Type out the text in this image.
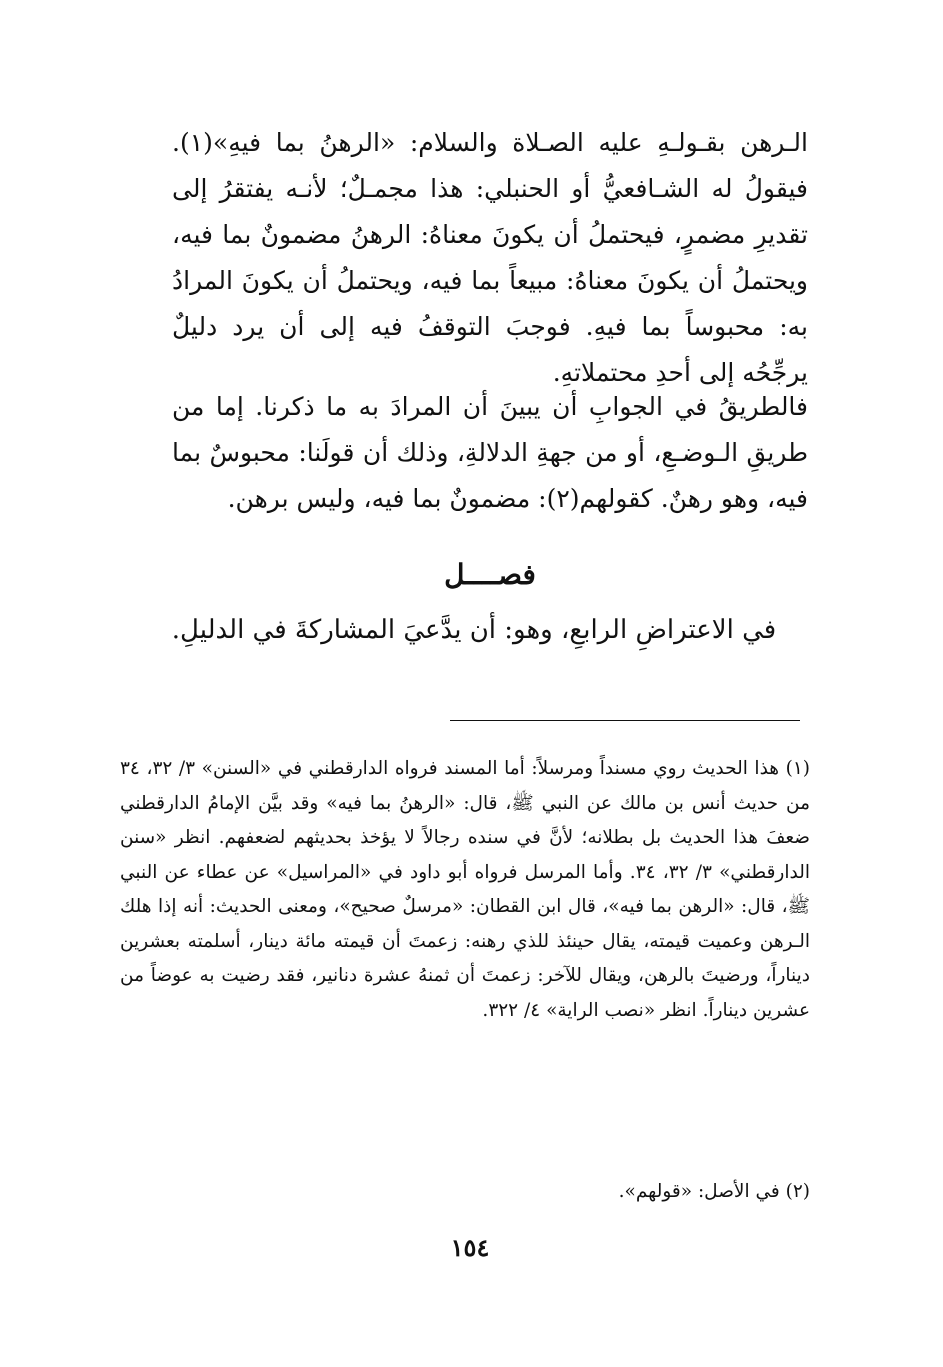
الـرهن بقـولـهِ عليه الصـلاة والسلام: «الرهنُ بما فيهِ»(١). فيقولُ له الشـافعيُّ أو الحنبلي: هذا مجمـلٌ؛ لأنـه يفتقرُ إلى تقديرِ مضمرٍ، فيحتملُ أن يكونَ معناهُ: الرهنُ مضمونٌ بما فيه، ويحتملُ أن يكونَ معناهُ: مبيعاً بما فيه، ويحتملُ أن يكونَ المرادُ به: محبوساً بما فيهِ. فوجبَ التوقفُ فيه إلى أن يرد دليلٌ يرجِّحُه إلى أحدِ محتملاتهِ.

فالطريقُ في الجوابِ أن يبينَ أن المرادَ به ما ذكرنا. إما من طريقِ الـوضـعِ، أو من جهةِ الدلالةِ، وذلك أن قولَنا: محبوسٌ بما فيه، وهو رهنٌ. كقولهم(٢): مضمونٌ بما فيه، وليس برهن.

فصــــل
في الاعتراضِ الرابعِ، وهو: أن يدَّعيَ المشاركةَ في الدليلِ.

(١) هذا الحديث روي مسنداً ومرسلاً: أما المسند فرواه الدارقطني في «السنن» ٣/ ٣٢، ٣٤ من حديث أنس بن مالك عن النبي ﷺ، قال: «الرهنُ بما فيه» وقد بيَّن الإمامُ الدارقطني ضعفَ هذا الحديث بل بطلانه؛ لأنَّ في سنده رجالاً لا يؤخذ بحديثهم لضعفهم. انظر «سنن الدارقطني» ٣/ ٣٢، ٣٤. وأما المرسل فرواه أبو داود في «المراسيل» عن عطاء عن النبي ﷺ، قال: «الرهن بما فيه»، قال ابن القطان: «مرسلٌ صحيح»، ومعنى الحديث: أنه إذا هلك الـرهن وعميت قيمته، يقال حينئذ للذي رهنه: زعمتَ أن قيمته مائة دينار، أسلمته بعشرين ديناراً، ورضيتَ بالرهن، ويقال للآخر: زعمتَ أن ثمنهُ عشرة دنانير، فقد رضيت به عوضاً من عشرين ديناراً. انظر «نصب الراية» ٤/ ٣٢٢.

(٢) في الأصل: «قولهم».

١٥٤
